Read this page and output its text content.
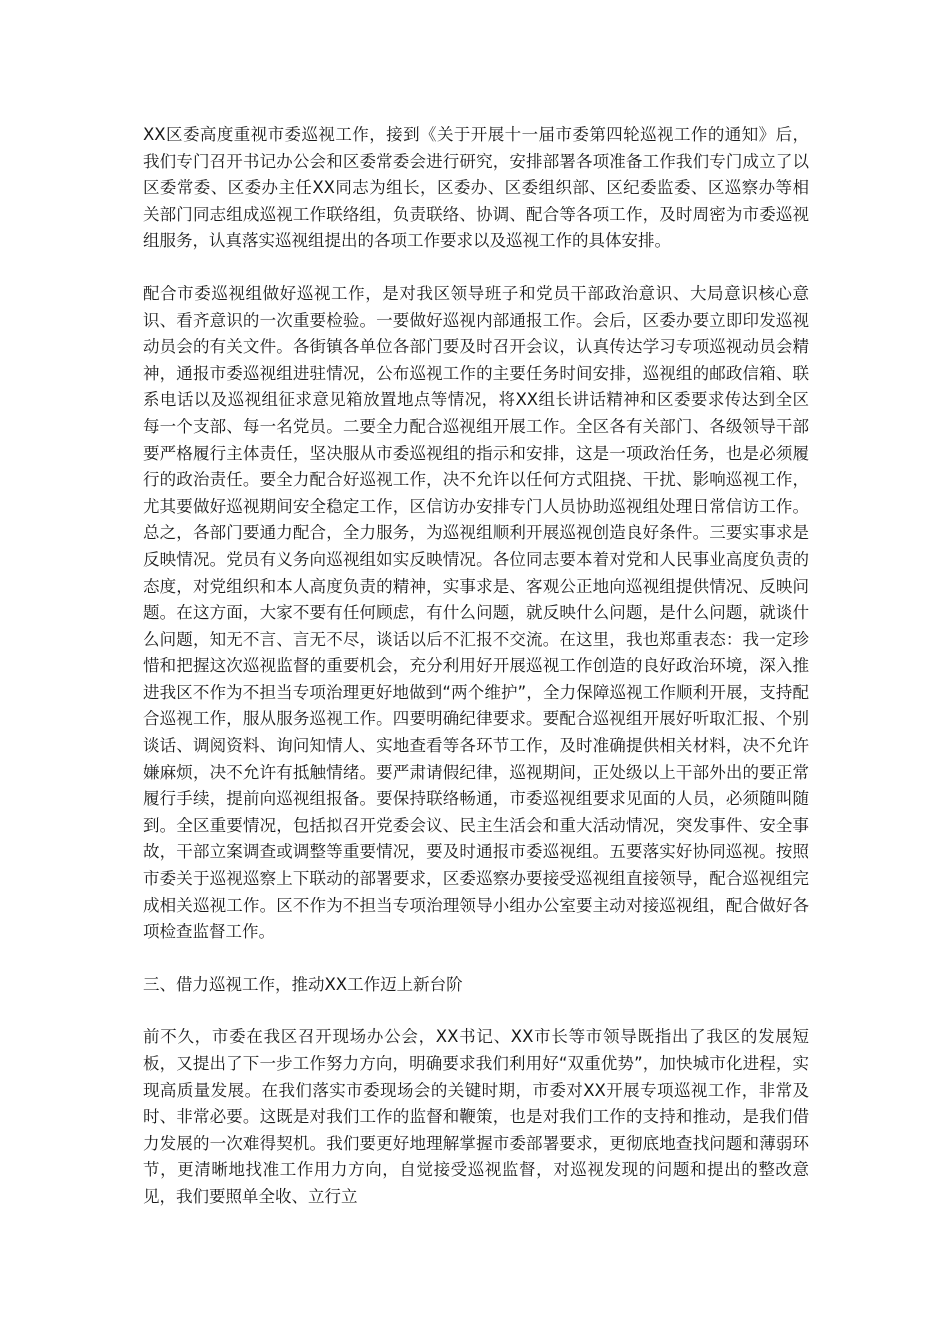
XX区委高度重视市委巡视工作，接到《关于开展十一届市委第四轮巡视工作的通知》后，我们专门召开书记办公会和区委常委会进行研究，安排部署各项准备工作我们专门成立了以区委常委、区委办主任XX同志为组长，区委办、区委组织部、区纪委监委、区巡察办等相关部门同志组成巡视工作联络组，负责联络、协调、配合等各项工作，及时周密为市委巡视组服务，认真落实巡视组提出的各项工作要求以及巡视工作的具体安排。

配合市委巡视组做好巡视工作，是对我区领导班子和党员干部政治意识、大局意识核心意识、看齐意识的一次重要检验。一要做好巡视内部通报工作。会后，区委办要立即印发巡视动员会的有关文件。各街镇各单位各部门要及时召开会议，认真传达学习专项巡视动员会精神，通报市委巡视组进驻情况，公布巡视工作的主要任务时间安排，巡视组的邮政信箱、联系电话以及巡视组征求意见箱放置地点等情况，将XX组长讲话精神和区委要求传达到全区每一个支部、每一名党员。二要全力配合巡视组开展工作。全区各有关部门、各级领导干部要严格履行主体责任，坚决服从市委巡视组的指示和安排，这是一项政治任务，也是必须履行的政治责任。要全力配合好巡视工作，决不允许以任何方式阻挠、干扰、影响巡视工作，尤其要做好巡视期间安全稳定工作，区信访办安排专门人员协助巡视组处理日常信访工作。总之，各部门要通力配合，全力服务，为巡视组顺利开展巡视创造良好条件。三要实事求是反映情况。党员有义务向巡视组如实反映情况。各位同志要本着对党和人民事业高度负责的态度，对党组织和本人高度负责的精神，实事求是、客观公正地向巡视组提供情况、反映问题。在这方面，大家不要有任何顾虑，有什么问题，就反映什么问题，是什么问题，就谈什么问题，知无不言、言无不尽，谈话以后不汇报不交流。在这里，我也郑重表态：我一定珍惜和把握这次巡视监督的重要机会，充分利用好开展巡视工作创造的良好政治环境，深入推进我区不作为不担当专项治理更好地做到“两个维护”，全力保障巡视工作顺利开展，支持配合巡视工作，服从服务巡视工作。四要明确纪律要求。要配合巡视组开展好听取汇报、个别谈话、调阅资料、询问知情人、实地查看等各环节工作，及时准确提供相关材料，决不允许嫌麻烦，决不允许有抵触情绪。要严肃请假纪律，巡视期间，正处级以上干部外出的要正常履行手续，提前向巡视组报备。要保持联络畅通，市委巡视组要求见面的人员，必须随叫随到。全区重要情况，包括拟召开党委会议、民主生活会和重大活动情况，突发事件、安全事故，干部立案调查或调整等重要情况，要及时通报市委巡视组。五要落实好协同巡视。按照市委关于巡视巡察上下联动的部署要求，区委巡察办要接受巡视组直接领导，配合巡视组完成相关巡视工作。区不作为不担当专项治理领导小组办公室要主动对接巡视组，配合做好各项检查监督工作。

三、借力巡视工作，推动XX工作迈上新台阶

前不久，市委在我区召开现场办公会，XX书记、XX市长等市领导既指出了我区的发展短板，又提出了下一步工作努力方向，明确要求我们利用好“双重优势”，加快城市化进程，实现高质量发展。在我们落实市委现场会的关键时期，市委对XX开展专项巡视工作，非常及时、非常必要。这既是对我们工作的监督和鞭策，也是对我们工作的支持和推动，是我们借力发展的一次难得契机。我们要更好地理解掌握市委部署要求，更彻底地查找问题和薄弱环节，更清晰地找准工作用力方向，自觉接受巡视监督，对巡视发现的问题和提出的整改意见，我们要照单全收、立行立
